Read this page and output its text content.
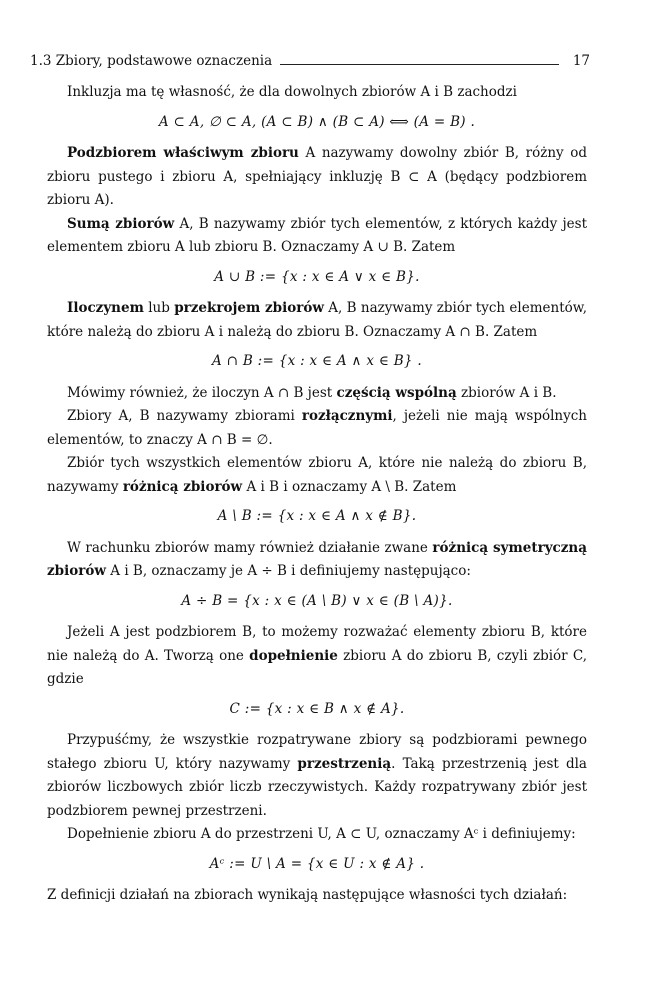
1.3 Zbiory, podstawowe oznaczenia	17

Inkluzja ma tę własność, że dla dowolnych zbiorów A i B zachodzi

A ⊂ A, ∅ ⊂ A, (A ⊂ B) ∧ (B ⊂ A) ⟺ (A = B) .

Podzbiorem właściwym zbioru A nazywamy dowolny zbiór B, różny od zbioru pustego i zbioru A, spełniający inkluzję B ⊂ A (będący podzbiorem zbioru A).

Sumą zbiorów A, B nazywamy zbiór tych elementów, z których każdy jest elementem zbioru A lub zbioru B. Oznaczamy A ∪ B. Zatem

A ∪ B := {x : x ∈ A ∨ x ∈ B}.

Iloczynem lub przekrojem zbiorów A, B nazywamy zbiór tych elementów, które należą do zbioru A i należą do zbioru B. Oznaczamy A ∩ B. Zatem

A ∩ B := {x : x ∈ A ∧ x ∈ B} .

Mówimy również, że iloczyn A ∩ B jest częścią wspólną zbiorów A i B.

Zbiory A, B nazywamy zbiorami rozłącznymi, jeżeli nie mają wspólnych elementów, to znaczy A ∩ B = ∅.

Zbiór tych wszystkich elementów zbioru A, które nie należą do zbioru B, nazywamy różnicą zbiorów A i B i oznaczamy A \ B. Zatem

A \ B := {x : x ∈ A ∧ x ∉ B}.

W rachunku zbiorów mamy również działanie zwane różnicą symetryczną zbiorów A i B, oznaczamy je A ÷ B i definiujemy następująco:

A ÷ B = {x : x ∈ (A \ B) ∨ x ∈ (B \ A)}.

Jeżeli A jest podzbiorem B, to możemy rozważać elementy zbioru B, które nie należą do A. Tworzą one dopełnienie zbioru A do zbioru B, czyli zbiór C, gdzie

C := {x : x ∈ B ∧ x ∉ A}.

Przypuśćmy, że wszystkie rozpatrywane zbiory są podzbiorami pewnego stałego zbioru U, który nazywamy przestrzenią. Taką przestrzenią jest dla zbiorów liczbowych zbiór liczb rzeczywistych. Każdy rozpatrywany zbiór jest podzbiorem pewnej przestrzeni.

Dopełnienie zbioru A do przestrzeni U, A ⊂ U, oznaczamy Aᶜ i definiujemy:

Aᶜ := U \ A = {x ∈ U : x ∉ A} .

Z definicji działań na zbiorach wynikają następujące własności tych działań:
